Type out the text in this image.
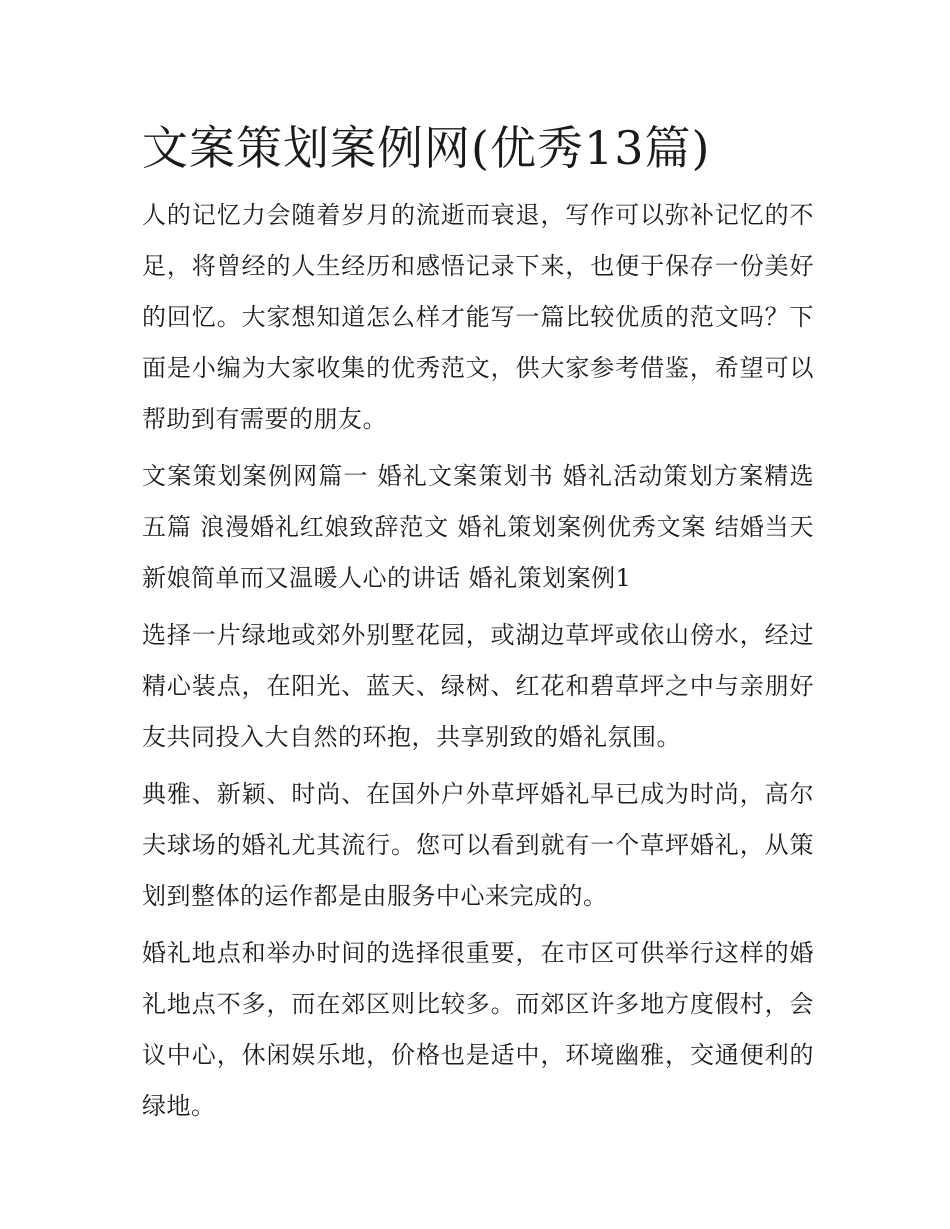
文案策划案例网(优秀13篇)

人的记忆力会随着岁月的流逝而衰退，写作可以弥补记忆的不足，将曾经的人生经历和感悟记录下来，也便于保存一份美好的回忆。大家想知道怎么样才能写一篇比较优质的范文吗？下面是小编为大家收集的优秀范文，供大家参考借鉴，希望可以帮助到有需要的朋友。

文案策划案例网篇一 婚礼文案策划书 婚礼活动策划方案精选五篇 浪漫婚礼红娘致辞范文 婚礼策划案例优秀文案 结婚当天新娘简单而又温暖人心的讲话 婚礼策划案例1

选择一片绿地或郊外别墅花园，或湖边草坪或依山傍水，经过精心装点，在阳光、蓝天、绿树、红花和碧草坪之中与亲朋好友共同投入大自然的环抱，共享别致的婚礼氛围。

典雅、新颖、时尚、在国外户外草坪婚礼早已成为时尚，高尔夫球场的婚礼尤其流行。您可以看到就有一个草坪婚礼，从策划到整体的运作都是由服务中心来完成的。

婚礼地点和举办时间的选择很重要，在市区可供举行这样的婚礼地点不多，而在郊区则比较多。而郊区许多地方度假村，会议中心，休闲娱乐地，价格也是适中，环境幽雅，交通便利的绿地。
